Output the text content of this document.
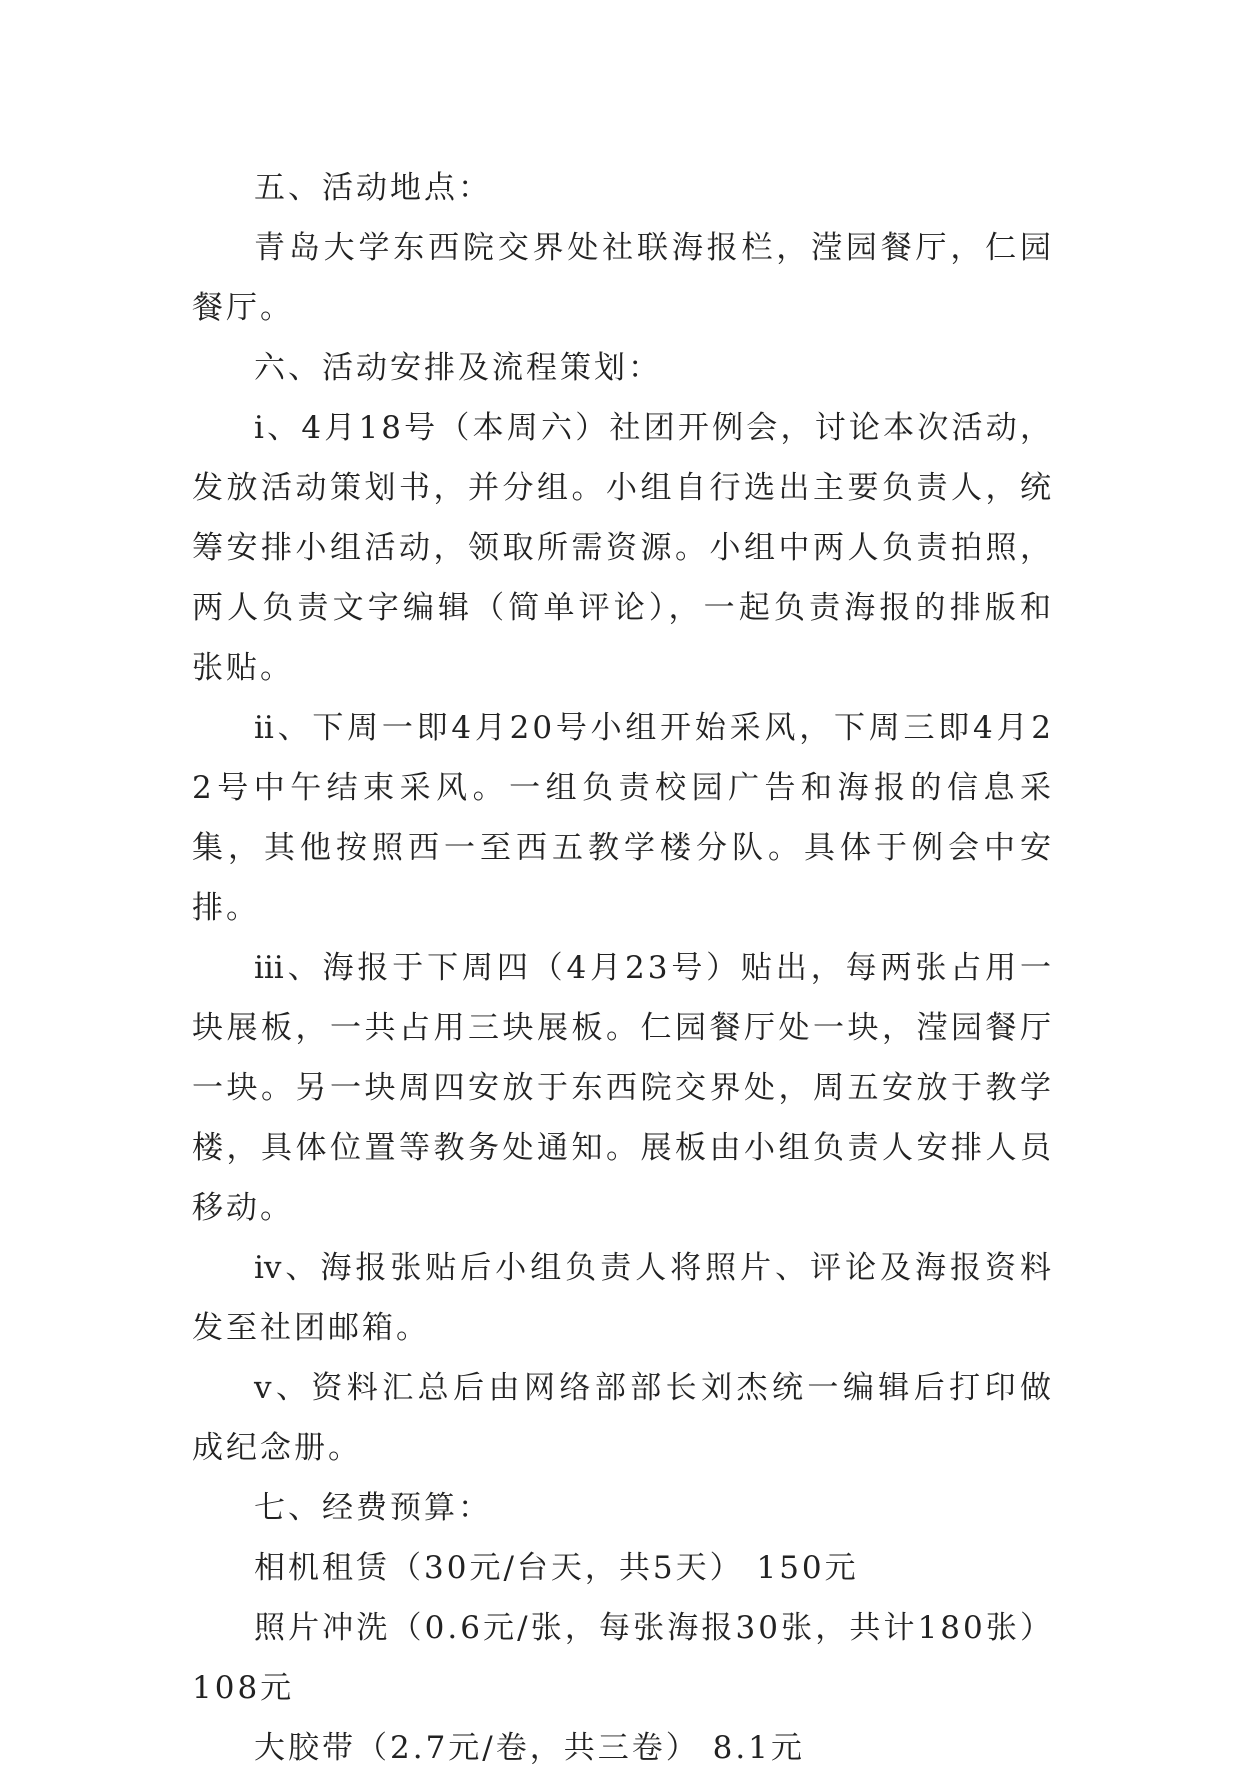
五、活动地点：

青岛大学东西院交界处社联海报栏，滢园餐厅，仁园餐厅。

六、活动安排及流程策划：

ⅰ、4月18号（本周六）社团开例会，讨论本次活动，发放活动策划书，并分组。小组自行选出主要负责人，统筹安排小组活动，领取所需资源。小组中两人负责拍照，两人负责文字编辑（简单评论），一起负责海报的排版和张贴。

ⅱ、下周一即4月20号小组开始采风，下周三即4月22号中午结束采风。一组负责校园广告和海报的信息采集，其他按照西一至西五教学楼分队。具体于例会中安排。

ⅲ、海报于下周四（4月23号）贴出，每两张占用一块展板，一共占用三块展板。仁园餐厅处一块，滢园餐厅一块。另一块周四安放于东西院交界处，周五安放于教学楼，具体位置等教务处通知。展板由小组负责人安排人员移动。

ⅳ、海报张贴后小组负责人将照片、评论及海报资料发至社团邮箱。

ⅴ、资料汇总后由网络部部长刘杰统一编辑后打印做成纪念册。

七、经费预算：

相机租赁（30元/台天，共5天） 150元

照片冲洗（0.6元/张，每张海报30张，共计180张）108元

大胶带（2.7元/卷，共三卷） 8.1元
